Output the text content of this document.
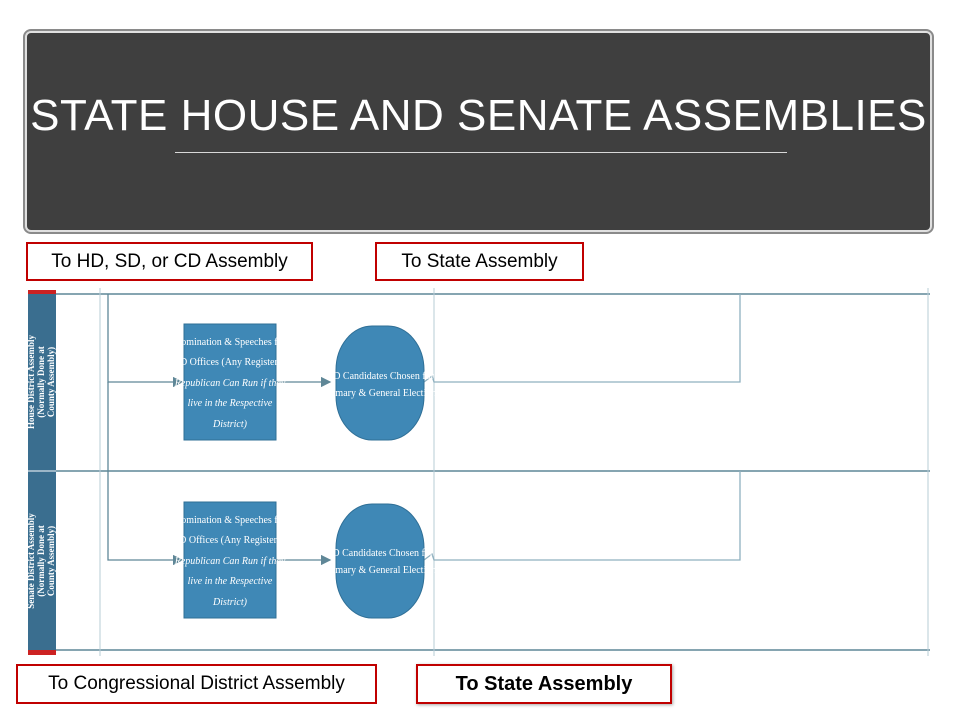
STATE HOUSE AND SENATE ASSEMBLIES
To HD, SD, or CD Assembly	To State Assembly
To Congressional District Assembly	To State Assembly
House District Assembly (Normally Done at County Assembly)
Senate District Assembly (Normally Done at County Assembly)
Nomination & Speeches for
HD Offices (Any Registered
Republican Can Run if they
live in the Respective
District)
HD Candidates Chosen for
Primary & General Election
Nomination & Speeches for
SD Offices (Any Registered
Republican Can Run if they
live in the Respective
District)
SD Candidates Chosen for
Primary & General Election
